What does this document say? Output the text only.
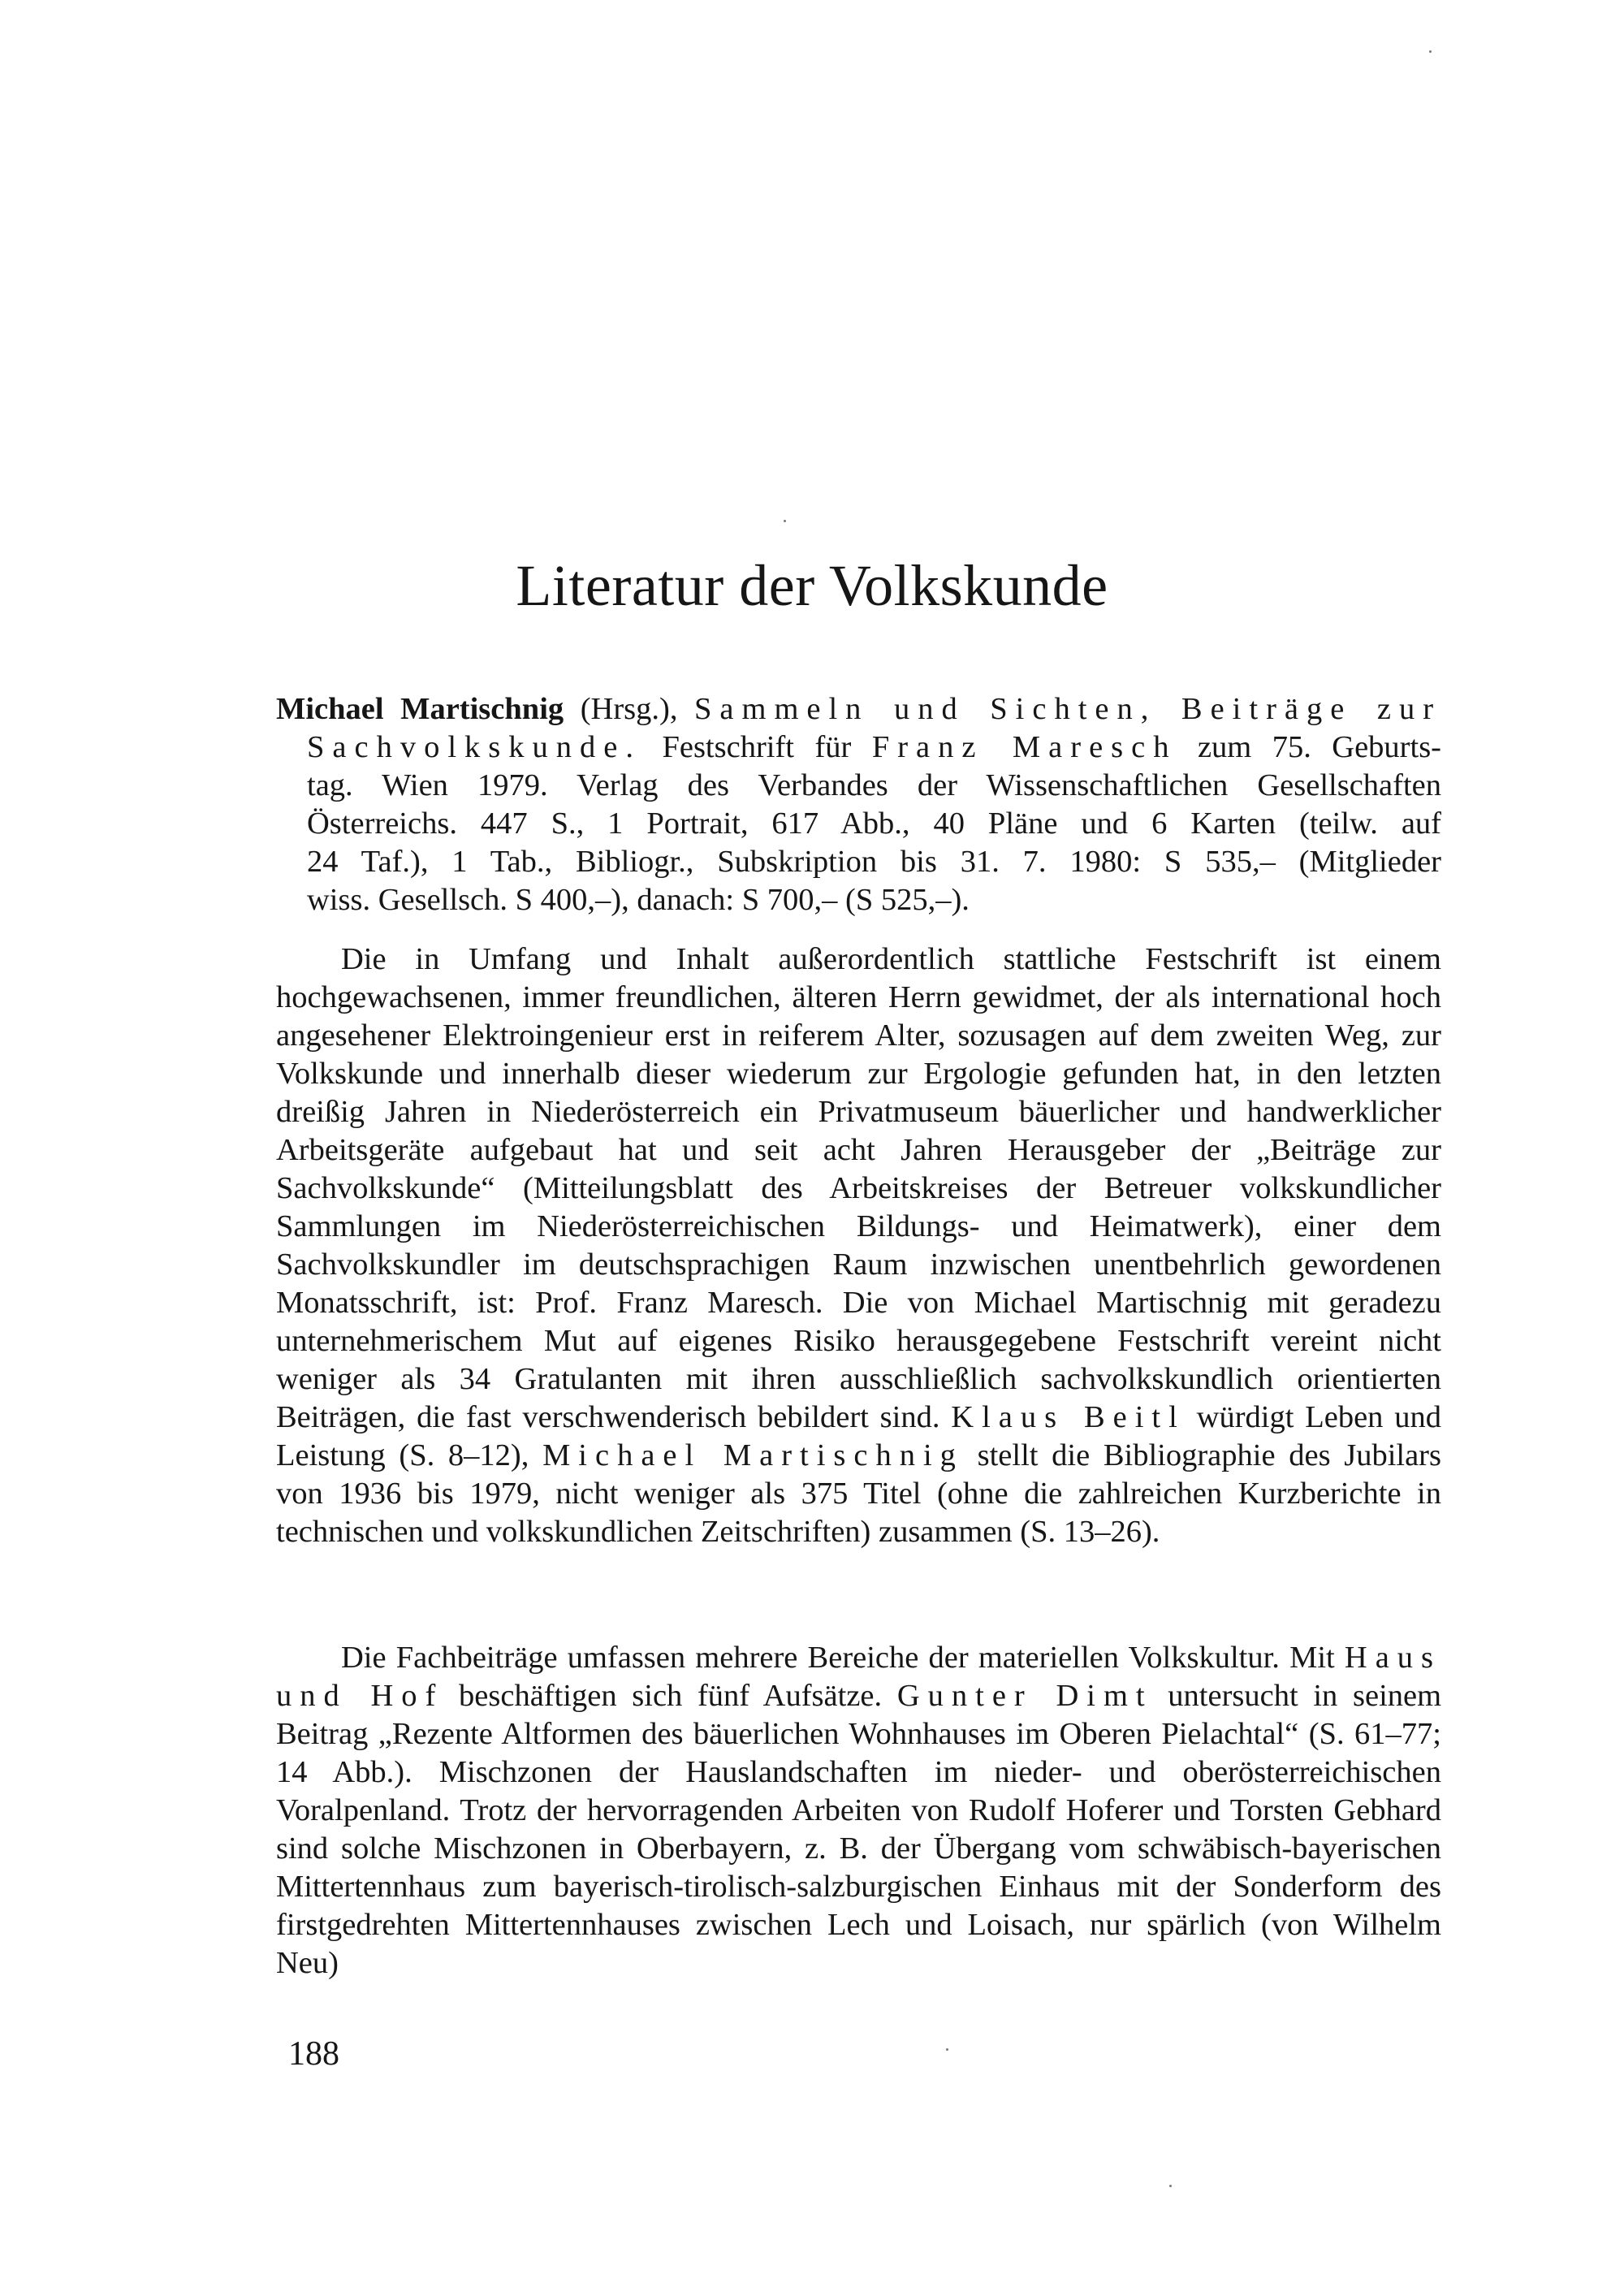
Literatur der Volkskunde
Michael Martischnig (Hrsg.), Sammeln und Sichten, Beiträge zur
Sachvolkskunde. Festschrift für Franz Maresch zum 75. Geburts-
tag. Wien 1979. Verlag des Verbandes der Wissenschaftlichen Gesellschaften
Österreichs. 447 S., 1 Portrait, 617 Abb., 40 Pläne und 6 Karten (teilw. auf
24 Taf.), 1 Tab., Bibliogr., Subskription bis 31. 7. 1980: S 535,– (Mitglieder
wiss. Gesellsch. S 400,–), danach: S 700,– (S 525,–).

Die in Umfang und Inhalt außerordentlich stattliche Festschrift ist einem hochgewachsenen, immer freundlichen, älteren Herrn gewidmet, der als international hoch angesehener Elektroingenieur erst in reiferem Alter, sozusagen auf dem zweiten Weg, zur Volkskunde und innerhalb dieser wiederum zur Ergologie gefunden hat, in den letzten dreißig Jahren in Niederösterreich ein Privatmuseum bäuerlicher und handwerklicher Arbeitsgeräte aufgebaut hat und seit acht Jahren Herausgeber der „Beiträge zur Sachvolkskunde“ (Mitteilungsblatt des Arbeitskreises der Betreuer volkskundlicher Sammlungen im Niederösterreichischen Bildungs- und Heimatwerk), einer dem Sachvolkskundler im deutschsprachigen Raum inzwischen unentbehrlich gewordenen Monatsschrift, ist: Prof. Franz Maresch. Die von Michael Martischnig mit geradezu unternehmerischem Mut auf eigenes Risiko herausgegebene Festschrift vereint nicht weniger als 34 Gratulanten mit ihren ausschließlich sachvolkskundlich orientierten Beiträgen, die fast verschwenderisch bebildert sind. Klaus Beitl würdigt Leben und Leistung (S. 8–12), Michael Martischnig stellt die Bibliographie des Jubilars von 1936 bis 1979, nicht weniger als 375 Titel (ohne die zahlreichen Kurzberichte in technischen und volkskundlichen Zeitschriften) zusammen (S. 13–26).

Die Fachbeiträge umfassen mehrere Bereiche der materiellen Volkskultur. Mit Haus und Hof beschäftigen sich fünf Aufsätze. Gunter Dimt untersucht in seinem Beitrag „Rezente Altformen des bäuerlichen Wohnhauses im Oberen Pielachtal“ (S. 61–77; 14 Abb.). Mischzonen der Hauslandschaften im nieder- und oberösterreichischen Voralpenland. Trotz der hervorragenden Arbeiten von Rudolf Hoferer und Torsten Gebhard sind solche Mischzonen in Oberbayern, z. B. der Übergang vom schwäbisch-bayerischen Mittertennhaus zum bayerisch-tirolisch-salzburgischen Einhaus mit der Sonderform des firstgedrehten Mittertennhauses zwischen Lech und Loisach, nur spärlich (von Wilhelm Neu)

188
